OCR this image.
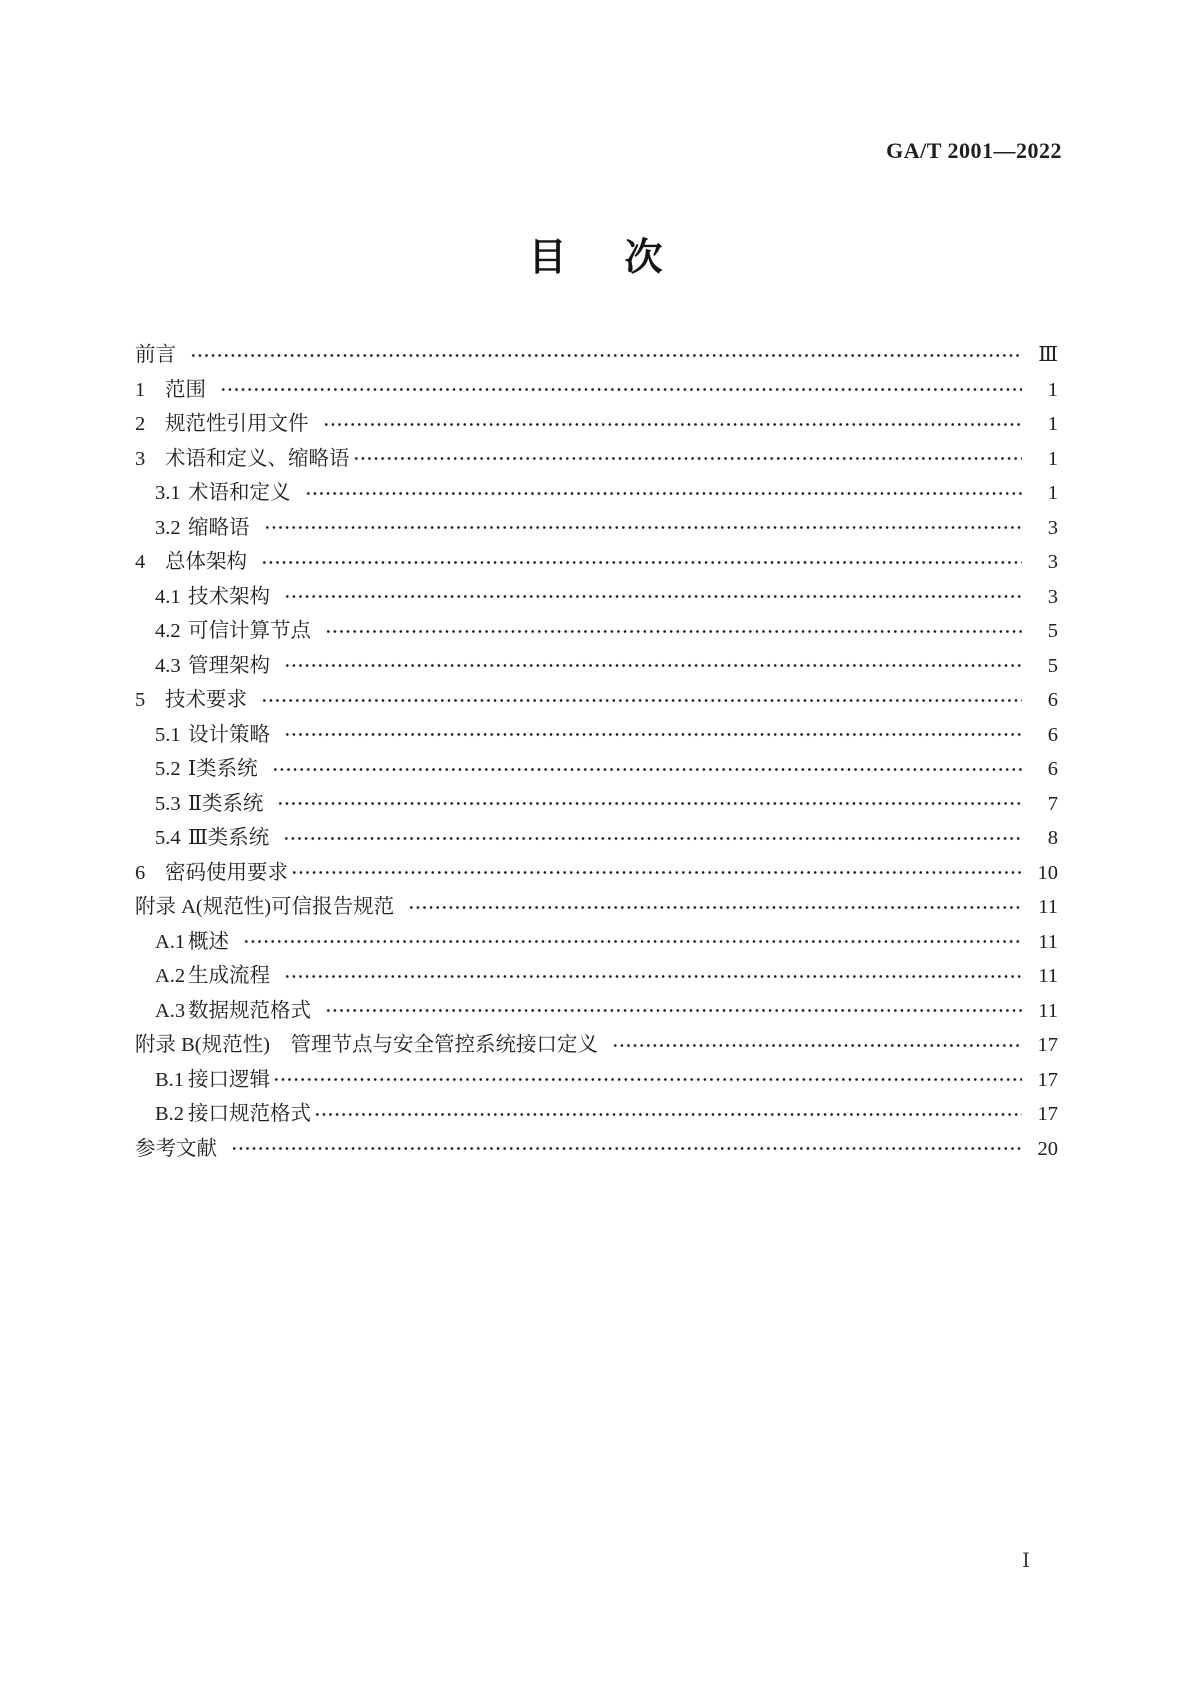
GA/T 2001—2022
目 次
前言	Ⅲ
1 范围	1
2 规范性引用文件	1
3 术语和定义、缩略语	1
3.1 术语和定义	1
3.2 缩略语	3
4 总体架构	3
4.1 技术架构	3
4.2 可信计算节点	5
4.3 管理架构	5
5 技术要求	6
5.1 设计策略	6
5.2 Ⅰ类系统	6
5.3 Ⅱ类系统	7
5.4 Ⅲ类系统	8
6 密码使用要求	10
附录 A(规范性)可信报告规范	11
A.1 概述	11
A.2 生成流程	11
A.3 数据规范格式	11
附录 B(规范性)　管理节点与安全管控系统接口定义	17
B.1 接口逻辑	17
B.2 接口规范格式	17
参考文献	20
Ⅰ
